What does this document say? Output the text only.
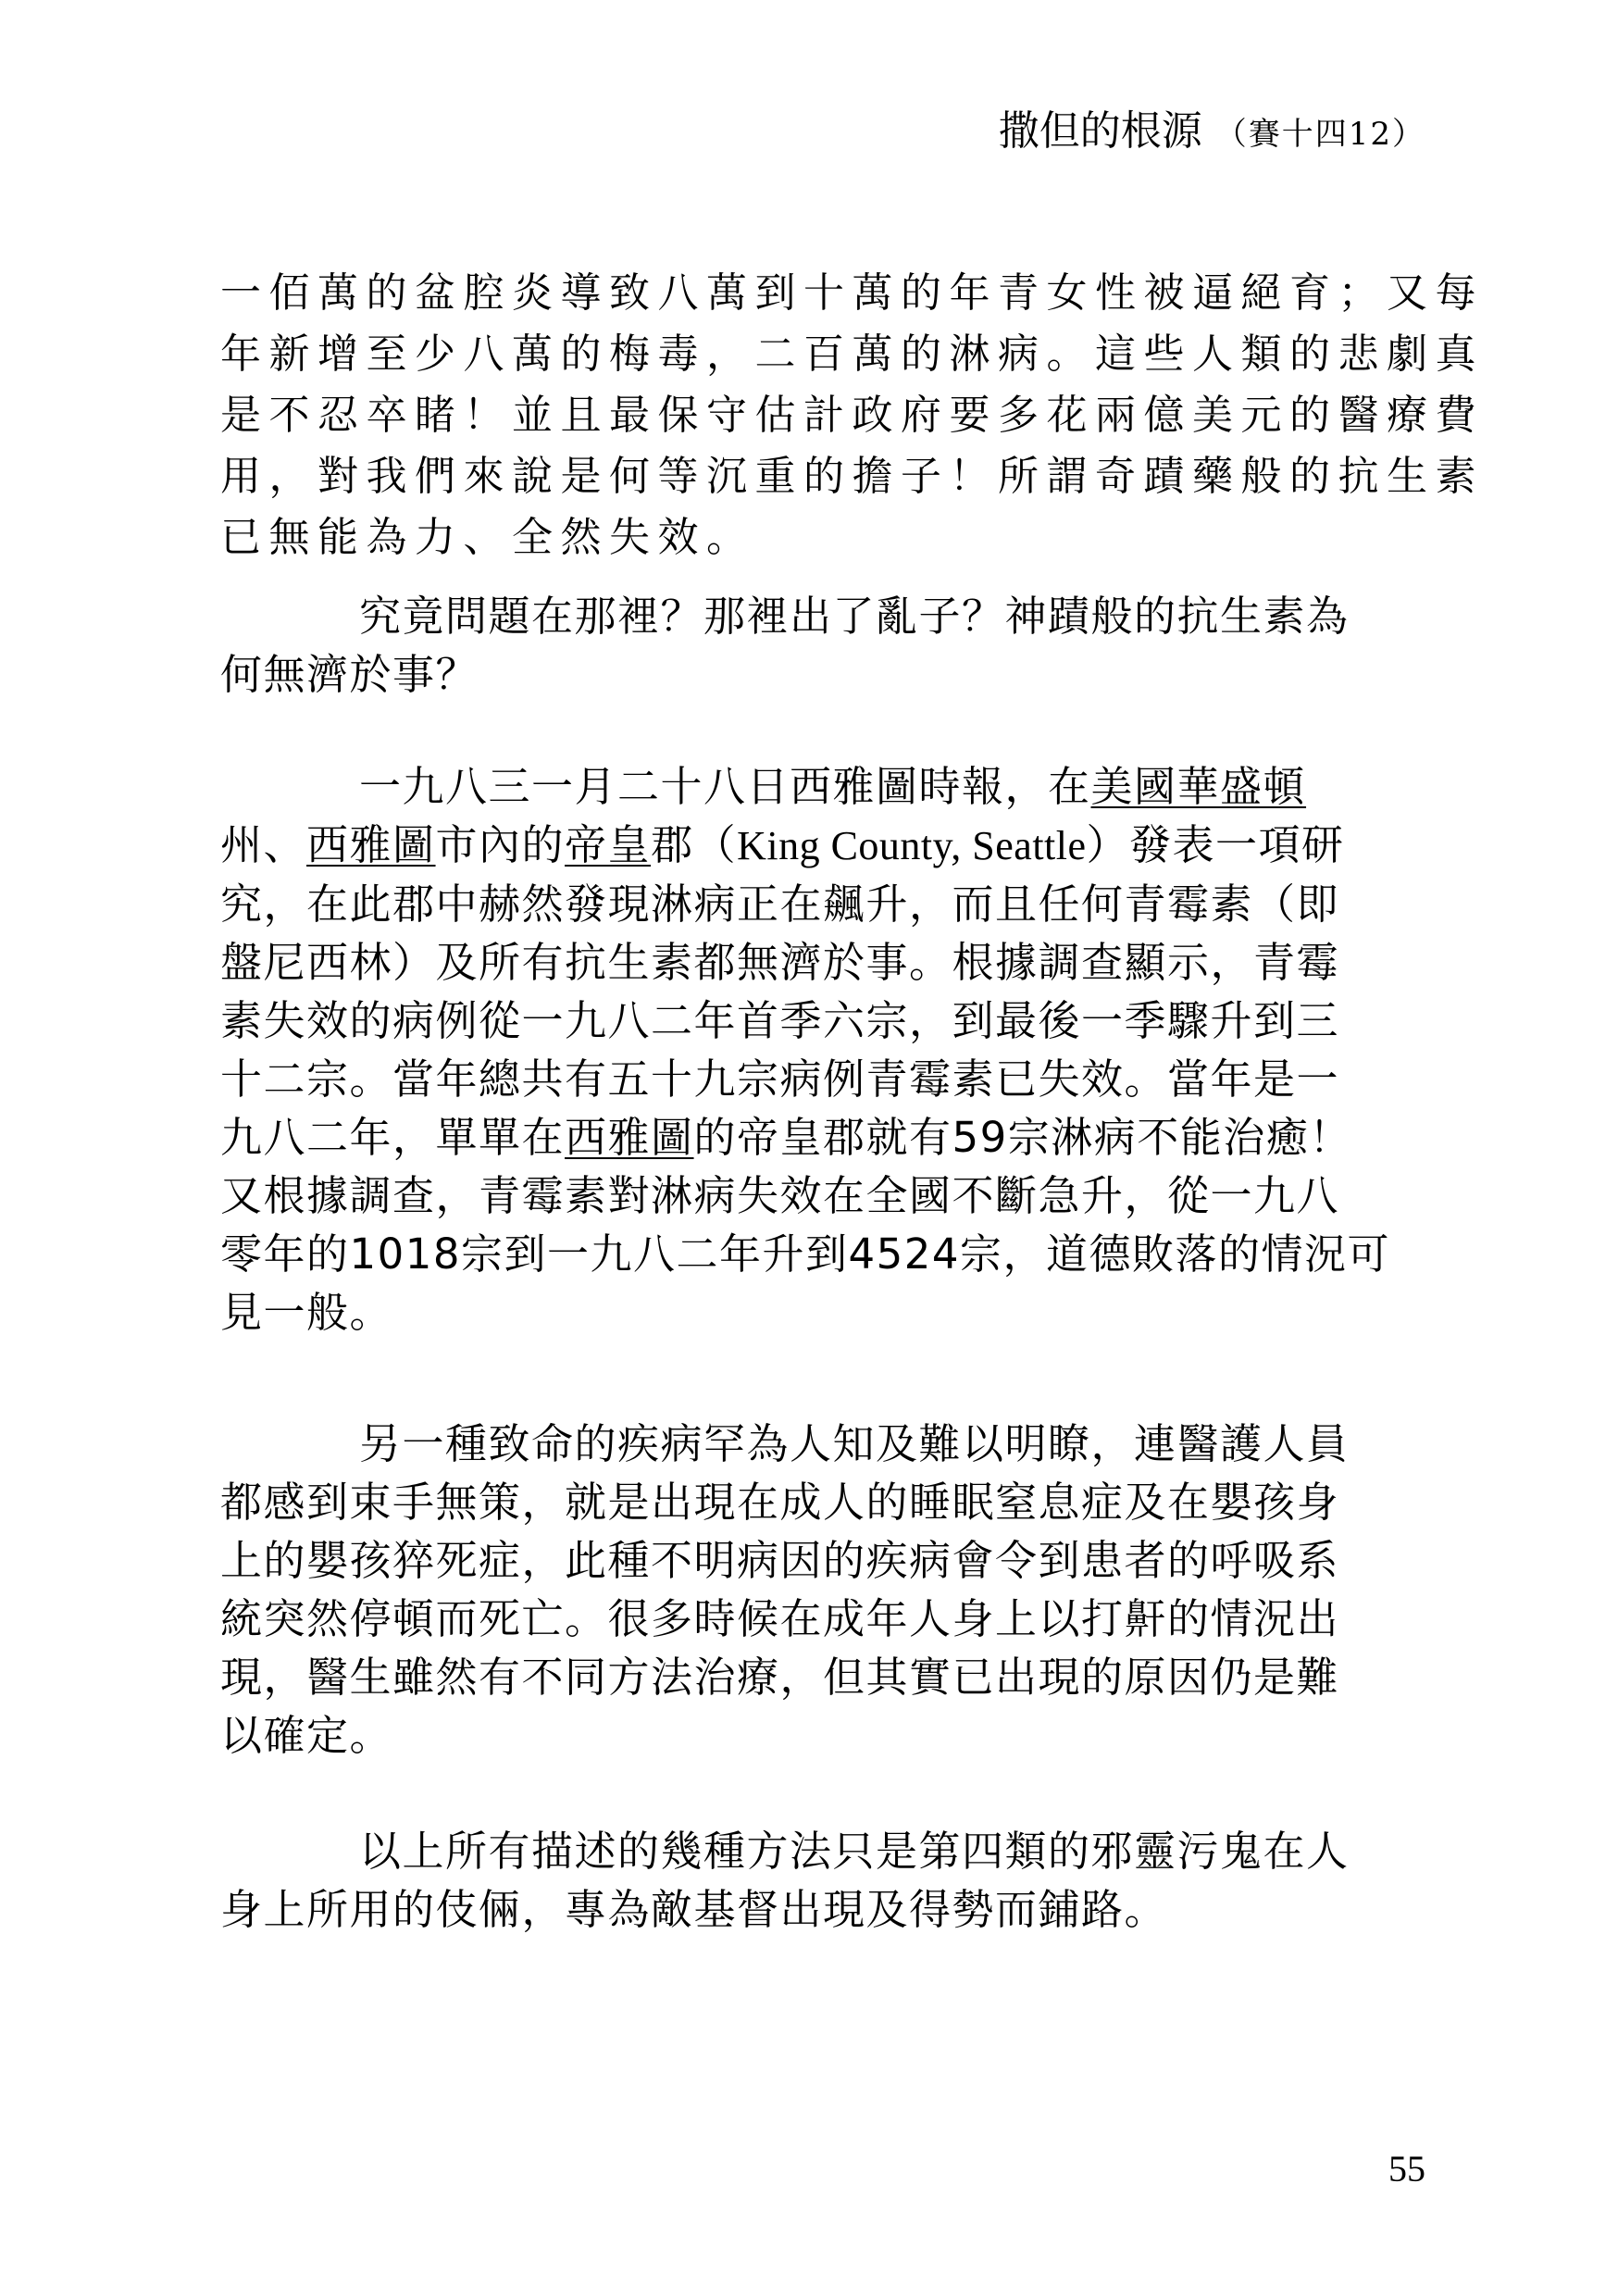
撒但的根源 （賽十四12）
一佰萬的盆腔炎導致八萬到十萬的年青女性被逼絕育；又每
年新增至少八萬的梅毒，二百萬的淋病。這些人類的悲劇真
是不忍卒睹！並且最保守估計政府要多花兩億美元的醫療費
用，對我們來說是何等沉重的擔子！所謂奇蹟藥般的抗生素
已無能為力、全然失效。
究竟問題在那裡？那裡出了亂子？神蹟般的抗生素為
何無濟於事？
一九八三一月二十八日西雅圖時報，在美國華盛頓
州、西雅圖市內的帝皇郡（King County, Seattle）發表一項研
究，在此郡中赫然發現淋病正在飆升，而且任何青霉素（即
盤尼西林）及所有抗生素都無濟於事。根據調查顯示，青霉
素失效的病例從一九八二年首季六宗，到最後一季驟升到三
十二宗。當年總共有五十九宗病例青霉素已失效。當年是一
九八二年，單單在西雅圖的帝皇郡就有59宗淋病不能治癒！
又根據調查，青霉素對淋病失效在全國不斷急升，從一九八
零年的1018宗到一九八二年升到4524宗，道德敗落的情況可
見一般。
另一種致命的疾病罕為人知及難以明瞭，連醫護人員
都感到束手無策，就是出現在成人的睡眠窒息症及在嬰孩身
上的嬰孩猝死症，此種不明病因的疾病會令到患者的呼吸系
統突然停頓而死亡。很多時候在成年人身上以打鼾的情況出
現，醫生雖然有不同方法治療，但其實已出現的原因仍是難
以確定。
以上所有描述的幾種方法只是第四類的邪靈污鬼在人
身上所用的伎倆，專為敵基督出現及得勢而鋪路。
55
